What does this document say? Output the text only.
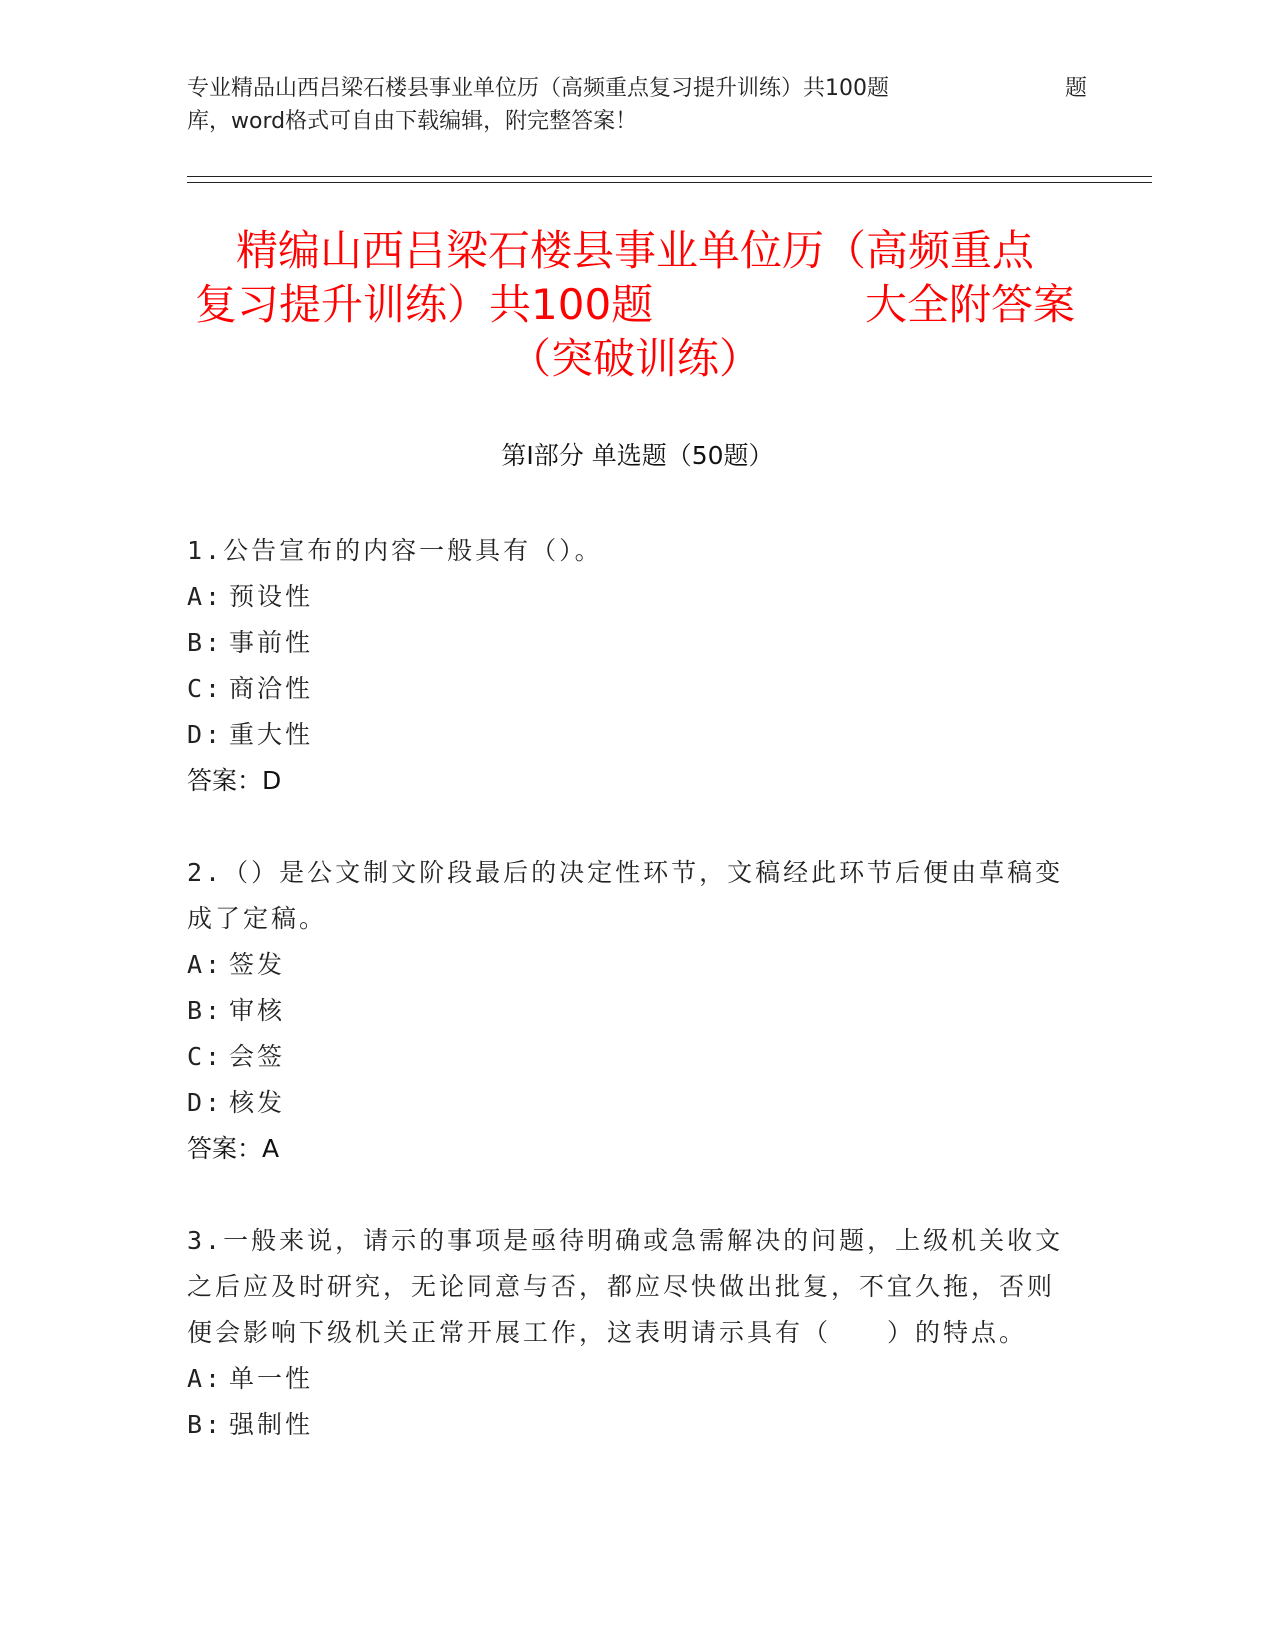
专业精品山西吕梁石楼县事业单位历（高频重点复习提升训练）共100题	题
库，word格式可自由下载编辑，附完整答案！
精编山西吕梁石楼县事业单位历（高频重点
复习提升训练）共100题	大全附答案
（突破训练）
第Ⅰ部分 单选题（50题）
1.公告宣布的内容一般具有（）。
A: 预设性
B: 事前性
C: 商洽性
D: 重大性
答案：D
2.（）是公文制文阶段最后的决定性环节，文稿经此环节后便由草稿变成了定稿。
A: 签发
B: 审核
C: 会签
D: 核发
答案：A
3.一般来说，请示的事项是亟待明确或急需解决的问题，上级机关收文之后应及时研究，无论同意与否，都应尽快做出批复，不宜久拖，否则便会影响下级机关正常开展工作，这表明请示具有（　　）的特点。
A: 单一性
B: 强制性
